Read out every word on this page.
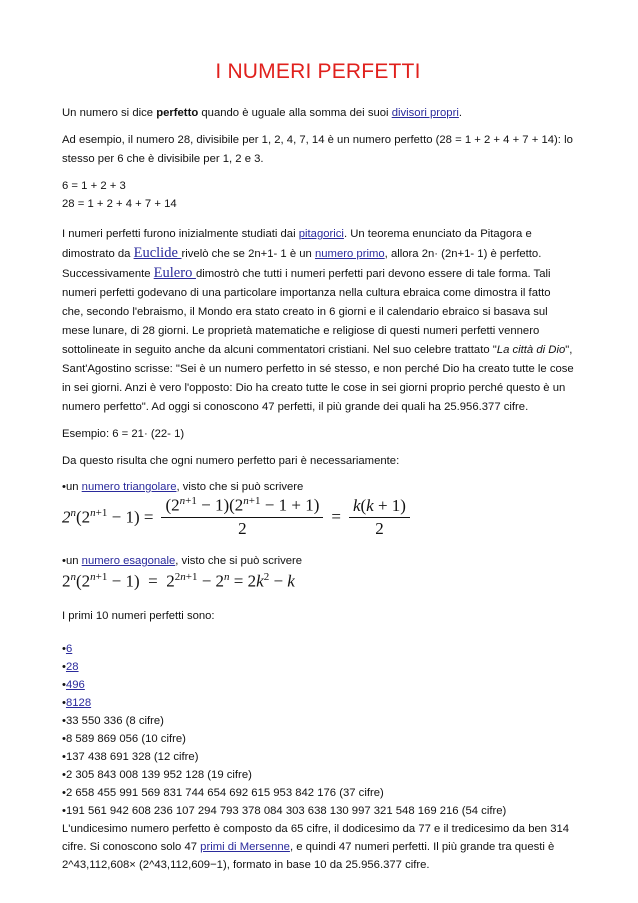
I NUMERI PERFETTI

Un numero si dice perfetto quando è uguale alla somma dei suoi divisori propri.

Ad esempio, il numero 28, divisibile per 1, 2, 4, 7, 14 è un numero perfetto (28 = 1 + 2 + 4 + 7 + 14): lo stesso per 6 che è divisibile per 1, 2 e 3.

6 = 1 + 2 + 3
28 = 1 + 2 + 4 + 7 + 14

I numeri perfetti furono inizialmente studiati dai pitagorici. Un teorema enunciato da Pitagora e dimostrato da Euclide rivelò che se 2n+1- 1 è un numero primo, allora 2n· (2n+1- 1) è perfetto. Successivamente Eulero dimostrò che tutti i numeri perfetti pari devono essere di tale forma. Tali numeri perfetti godevano di una particolare importanza nella cultura ebraica come dimostra il fatto che, secondo l'ebraismo, il Mondo era stato creato in 6 giorni e il calendario ebraico si basava sul mese lunare, di 28 giorni. Le proprietà matematiche e religiose di questi numeri perfetti vennero sottolineate in seguito anche da alcuni commentatori cristiani. Nel suo celebre trattato "La città di Dio", Sant'Agostino scrisse: "Sei è un numero perfetto in sé stesso, e non perché Dio ha creato tutte le cose in sei giorni. Anzi è vero l'opposto: Dio ha creato tutte le cose in sei giorni proprio perché questo è un numero perfetto". Ad oggi si conoscono 47 perfetti, il più grande dei quali ha 25.956.377 cifre.

Esempio: 6 = 21· (22- 1)

Da questo risulta che ogni numero perfetto pari è necessariamente:

•un numero triangolare, visto che si può scrivere
$2^n(2^{n+1} - 1) = \frac{(2^{n+1} - 1)(2^{n+1} - 1 + 1)}{2} = \frac{k(k + 1)}{2}$
•un numero esagonale, visto che si può scrivere
$2^n(2^{n+1} - 1) = 2^{2n+1} - 2^n = 2k^2 - k$

I primi 10 numeri perfetti sono:

•6
•28
•496
•8128
•33 550 336 (8 cifre)
•8 589 869 056 (10 cifre)
•137 438 691 328 (12 cifre)
•2 305 843 008 139 952 128 (19 cifre)
•2 658 455 991 569 831 744 654 692 615 953 842 176 (37 cifre)
•191 561 942 608 236 107 294 793 378 084 303 638 130 997 321 548 169 216 (54 cifre)

L'undicesimo numero perfetto è composto da 65 cifre, il dodicesimo da 77 e il tredicesimo da ben 314 cifre. Si conoscono solo 47 primi di Mersenne, e quindi 47 numeri perfetti. Il più grande tra questi è 2^43,112,608× (2^43,112,609−1), formato in base 10 da 25.956.377 cifre.
